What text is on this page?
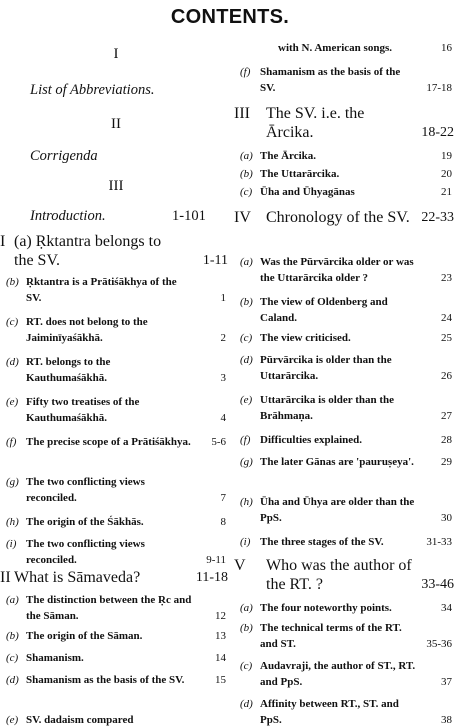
CONTENTS.
I
List of Abbreviations.
II
Corrigenda
III
Introduction.	1-101
I (a) Ṛktantra belongs to the SV.	1-11
(b) Ṛktantra is a Prātiśākhya of the SV.	1
(c) RT. does not belong to the Jaiminīyaśākhā.	2
(d) RT. belongs to the Kauthumaśākhā.	3
(e) Fifty two treatises of the Kauthumaśākhā.	4
(f) The precise scope of a Prātiśākhya.	5-6
(g) The two conflicting views reconciled.	7
(h) The origin of the Śākhās.	8
(i) The two conflicting views reconciled.	9-11
II What is Sāmaveda?	11-18
(a) The distinction between the Ṛc and the Sāman.	12
(b) The origin of the Sāman.	13
(c) Shamanism.	14
(d) Shamanism as the basis of the SV.	15
(e) SV. dadaism compared
with N. American songs.	16
(f) Shamanism as the basis of the SV.	17-18
III	The SV. i.e. the Ārcika.	18-22
(a) The Ārcika.	19
(b) The Uttarārcika.	20
(c) Ūha and Ūhyagānas	21
IV Chronology of the SV. 22-33
(a) Was the Pūrvārcika older or was the Uttarārcika older ?	23
(b) The view of Oldenberg and Caland.	24
(c) The view criticised.	25
(d) Pūrvārcika is older than the Uttarārcika.	26
(e) Uttarārcika is older than the Brāhmaṇa.	27
(f) Difficulties explained.	28
(g) The later Gānas are 'pauruṣeya'.	29
(h) Ūha and Ūhya are older than the PpS.	30
(i) The three stages of the SV.	31-33
V	Who was the author of the RT. ?	33-46
(a) The four noteworthy points.	34
(b) The technical terms of the RT. and ST.	35-36
(c) Audavraji, the author of ST., RT. and PpS.	37
(d) Affinity between RT., ST. and PpS.	38
